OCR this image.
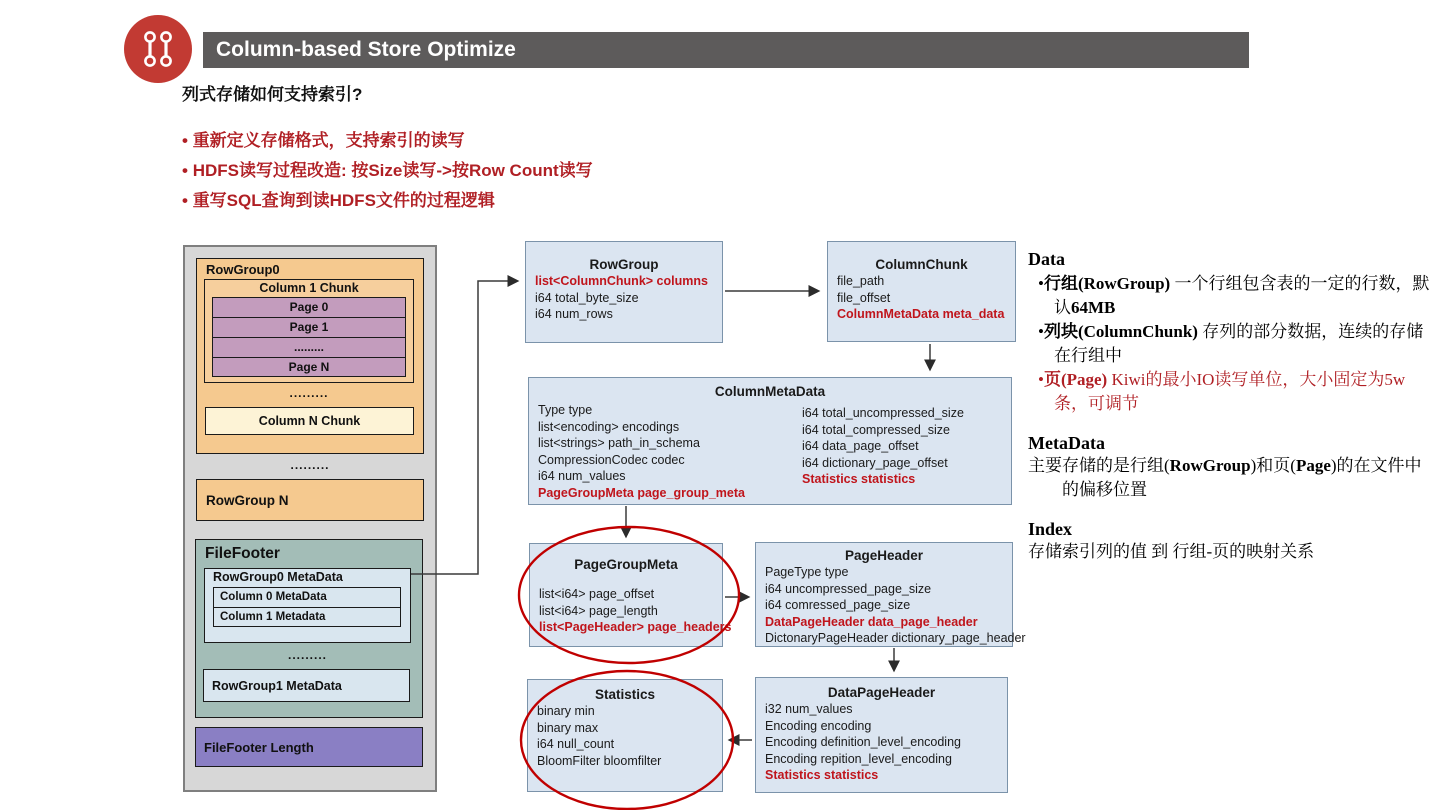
Column-based Store Optimize
列式存储如何支持索引?
• 重新定义存储格式，支持索引的读写
• HDFS读写过程改造: 按Size读写->按Row Count读写
• 重写SQL查询到读HDFS文件的过程逻辑
RowGroup0
Column 1 Chunk
Page 0
Page 1
.........
Page N
.........
Column N Chunk
.........
RowGroup N
FileFooter
RowGroup0 MetaData
Column 0 MetaData
Column 1 Metadata
.........
RowGroup1 MetaData
FileFooter Length
RowGroup
list<ColumnChunk> columns
i64 total_byte_size
i64 num_rows
ColumnChunk
file_path
file_offset
ColumnMetaData meta_data
ColumnMetaData
Type type
list<encoding> encodings
list<strings> path_in_schema
CompressionCodec codec
i64 num_values
PageGroupMeta page_group_meta
i64 total_uncompressed_size
i64 total_compressed_size
i64 data_page_offset
i64 dictionary_page_offset
Statistics statistics
PageGroupMeta
list<i64> page_offset
list<i64> page_length
list<PageHeader> page_headers
PageHeader
PageType type
i64 uncompressed_page_size
i64 comressed_page_size
DataPageHeader data_page_header
DictonaryPageHeader dictionary_page_header
Statistics
binary min
binary max
i64 null_count
BloomFilter bloomfilter
DataPageHeader
i32 num_values
Encoding encoding
Encoding definition_level_encoding
Encoding repition_level_encoding
Statistics statistics
Data
• 行组(RowGroup) 一个行组包含表的一定的行数，默认64MB
• 列块(ColumnChunk) 存列的部分数据，连续的存储在行组中
• 页(Page) Kiwi的最小IO读写单位，大小固定为5w条，可调节
MetaData
主要存储的是行组(RowGroup)和页(Page)的在文件中的偏移位置
Index
存储索引列的值 到 行组-页的映射关系
